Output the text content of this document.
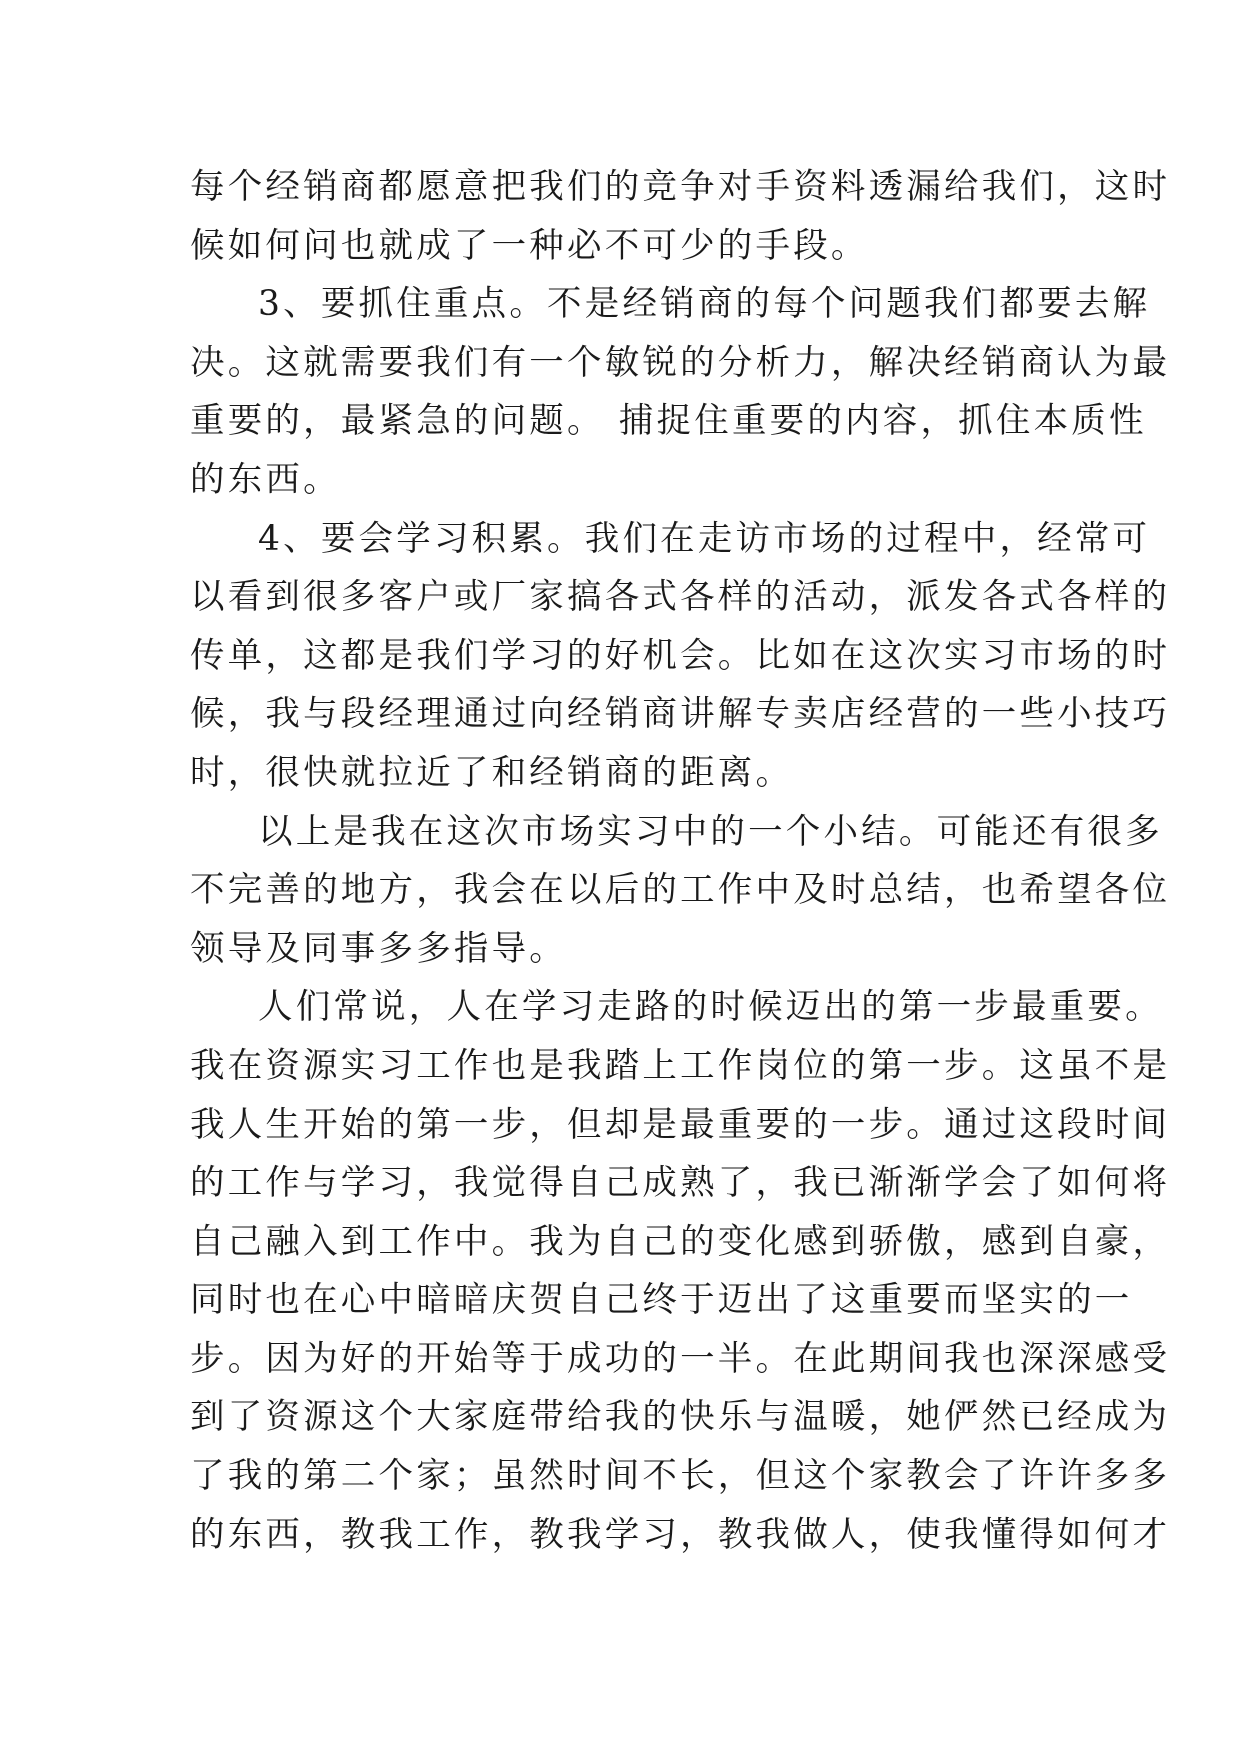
每个经销商都愿意把我们的竞争对手资料透漏给我们，这时
候如何问也就成了一种必不可少的手段。
3、要抓住重点。不是经销商的每个问题我们都要去解
决。这就需要我们有一个敏锐的分析力，解决经销商认为最
重要的，最紧急的问题。 捕捉住重要的内容，抓住本质性
的东西。
4、要会学习积累。我们在走访市场的过程中，经常可
以看到很多客户或厂家搞各式各样的活动，派发各式各样的
传单，这都是我们学习的好机会。比如在这次实习市场的时
候，我与段经理通过向经销商讲解专卖店经营的一些小技巧
时，很快就拉近了和经销商的距离。
以上是我在这次市场实习中的一个小结。可能还有很多
不完善的地方，我会在以后的工作中及时总结，也希望各位
领导及同事多多指导。
人们常说，人在学习走路的时候迈出的第一步最重要。
我在资源实习工作也是我踏上工作岗位的第一步。这虽不是
我人生开始的第一步，但却是最重要的一步。通过这段时间
的工作与学习，我觉得自己成熟了，我已渐渐学会了如何将
自己融入到工作中。我为自己的变化感到骄傲，感到自豪，
同时也在心中暗暗庆贺自己终于迈出了这重要而坚实的一
步。因为好的开始等于成功的一半。在此期间我也深深感受
到了资源这个大家庭带给我的快乐与温暖，她俨然已经成为
了我的第二个家；虽然时间不长，但这个家教会了许许多多
的东西，教我工作，教我学习，教我做人，使我懂得如何才
